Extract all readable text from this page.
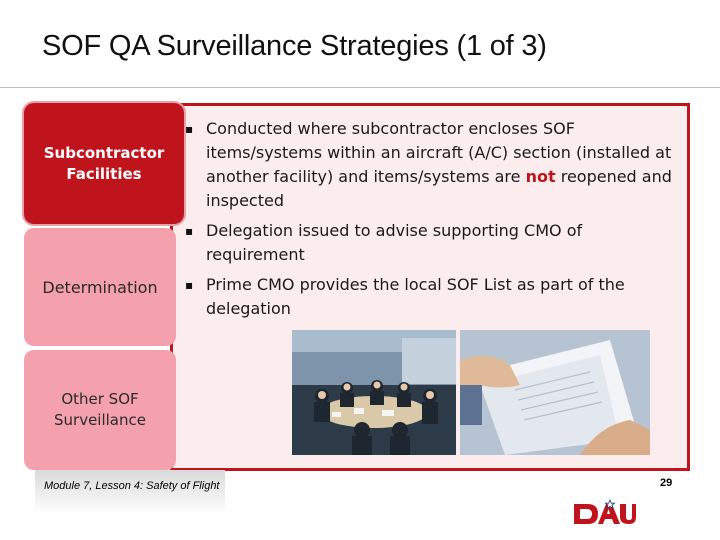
SOF QA Surveillance Strategies (1 of 3)
Subcontractor
Facilities
Determination
Other SOF
Surveillance
▪ Conducted where subcontractor encloses SOF items/systems within an aircraft (A/C) section (installed at another facility) and items/systems are not reopened and inspected
▪ Delegation issued to advise supporting CMO of requirement
▪ Prime CMO provides the local SOF List as part of the delegation
Module 7, Lesson 4: Safety of Flight	29
